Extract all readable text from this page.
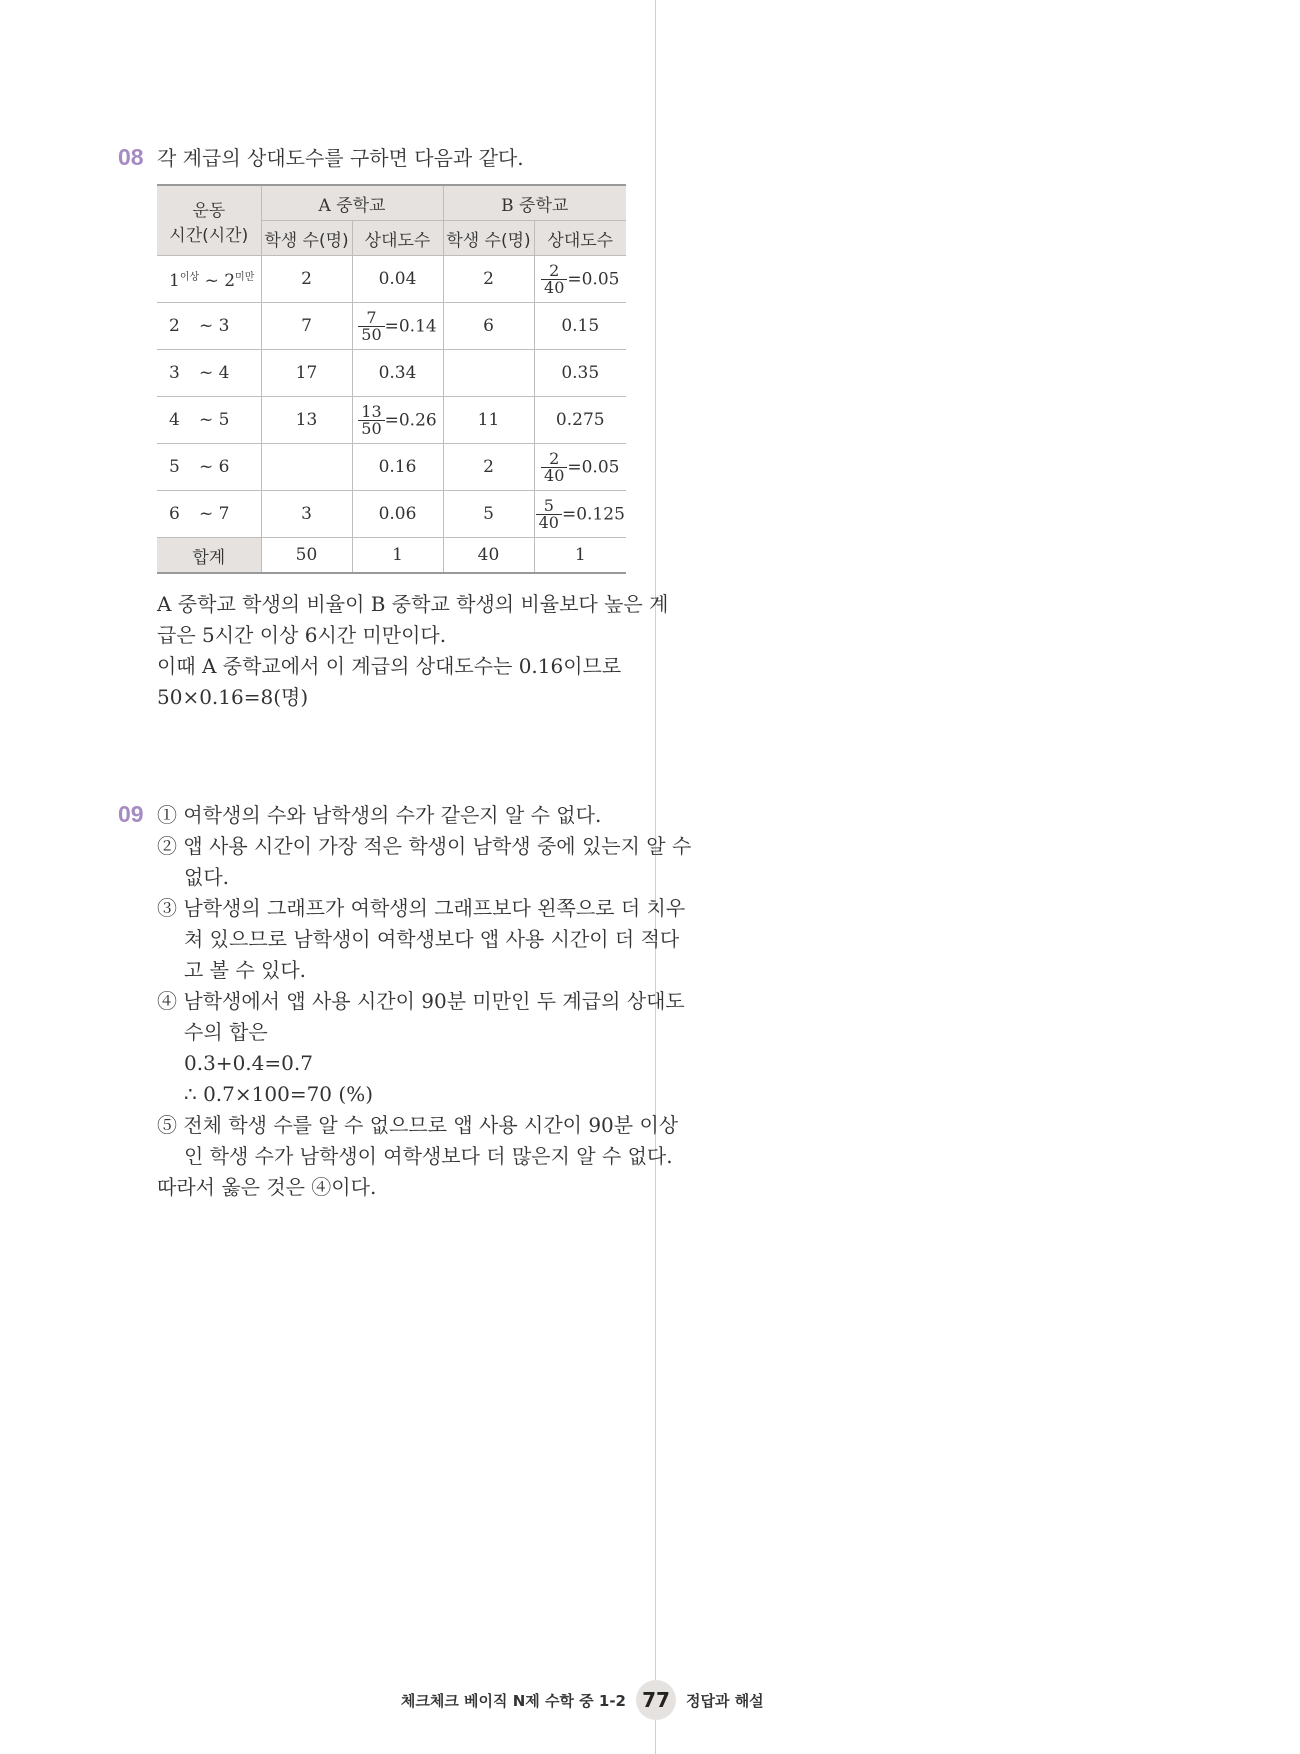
08 각 계급의 상대도수를 구하면 다음과 같다.
운동
시간(시간)	A 중학교		B 중학교	
	학생 수(명)	상대도수	학생 수(명)	상대도수
1이상 ~ 2미만	2	0.04	2	$\frac{2}{40} =0.05$
2 ~ 3	7	$\frac{7}{50} =0.14$	6	0.15
3 ~ 4	17	0.34		0.35
4 ~ 5	13	$\frac{13}{50} =0.26$	11	0.275
5 ~ 6		0.16	2	$\frac{2}{40} =0.05$
6 ~ 7	3	0.06	5	$\frac{5}{40} =0.125$
합계	50	1	40	1
A 중학교 학생의 비율이 B 중학교 학생의 비율보다 높은 계
급은 5시간 이상 6시간 미만이다.
이때 A 중학교에서 이 계급의 상대도수는 0.16이므로
50×0.16=8(명)
09 ① 여학생의 수와 남학생의 수가 같은지 알 수 없다.
② 앱 사용 시간이 가장 적은 학생이 남학생 중에 있는지 알 수
없다.
③ 남학생의 그래프가 여학생의 그래프보다 왼쪽으로 더 치우
쳐 있으므로 남학생이 여학생보다 앱 사용 시간이 더 적다
고 볼 수 있다.
④ 남학생에서 앱 사용 시간이 90분 미만인 두 계급의 상대도
수의 합은
0.3+0.4=0.7
∴ 0.7×100=70 (%)
⑤ 전체 학생 수를 알 수 없으므로 앱 사용 시간이 90분 이상
인 학생 수가 남학생이 여학생보다 더 많은지 알 수 없다.
따라서 옳은 것은 ④이다.
체크체크 베이직 N제 수학 중 1-2 77	정답과 해설
